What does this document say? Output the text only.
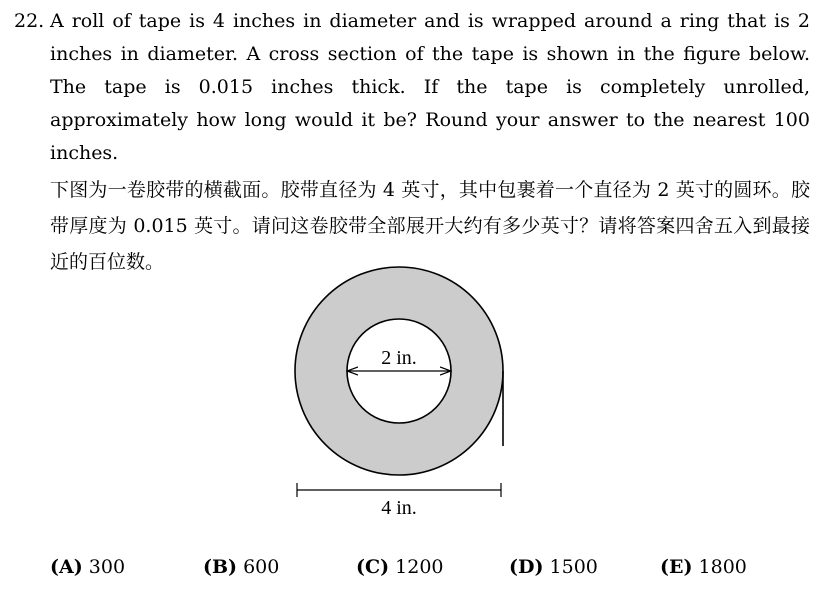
22. A roll of tape is 4 inches in diameter and is wrapped around a ring that is 2 inches in diameter. A cross section of the tape is shown in the figure below. The tape is 0.015 inches thick. If the tape is completely unrolled, approximately how long would it be? Round your answer to the nearest 100 inches.

下图为一卷胶带的横截面。胶带直径为 4 英寸，其中包裹着一个直径为 2 英寸的圆环。胶带厚度为 0.015 英寸。请问这卷胶带全部展开大约有多少英寸？请将答案四舍五入到最接近的百位数。

2 in.
4 in.
(A) 300	(B) 600	(C) 1200	(D) 1500	(E) 1800
